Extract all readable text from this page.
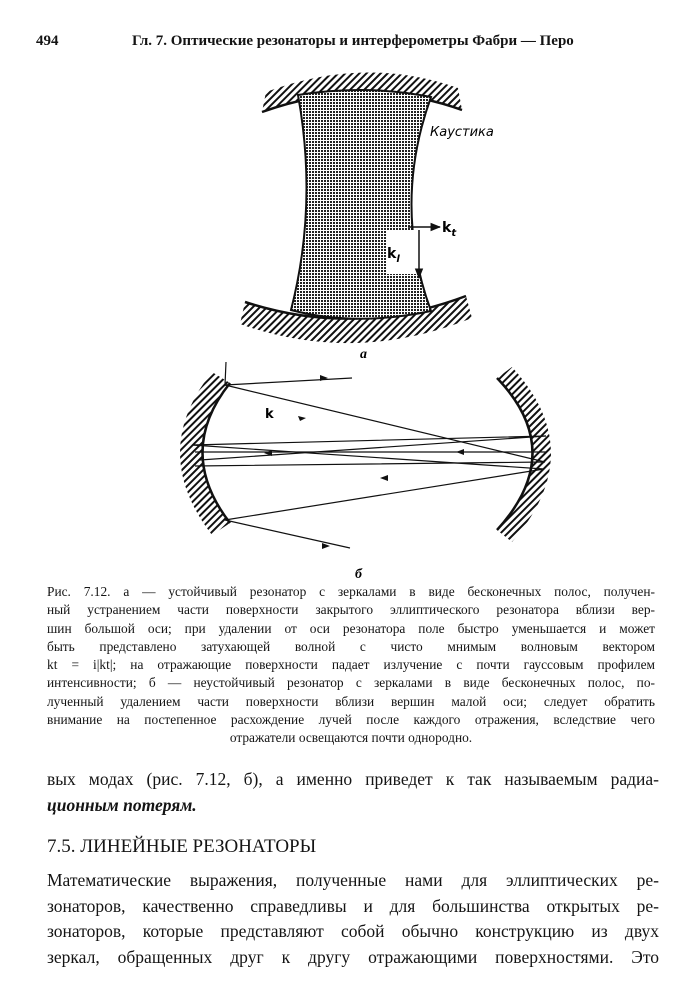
494	Гл. 7. Оптические резонаторы и интерферометры Фабри — Перо
Каустика
$k_t$
$k_l$
а
k
б
Рис. 7.12. а — устойчивый резонатор с зеркалами в виде бесконечных полос, получен-
ный устранением части поверхности закрытого эллиптического резонатора вблизи вер-
шин большой оси; при удалении от оси резонатора поле быстро уменьшается и может
быть представлено затухающей волной с чисто мнимым волновым вектором
kt = i|kt|; на отражающие поверхности падает излучение с почти гауссовым профилем
интенсивности; б — неустойчивый резонатор с зеркалами в виде бесконечных полос, по-
лученный удалением части поверхности вблизи вершин малой оси; следует обратить
внимание на постепенное расхождение лучей после каждого отражения, вследствие чего
отражатели освещаются почти однородно.
вых модах (рис. 7.12, б), а именно приведет к так называемым радиа-
ционным потерям.
7.5. ЛИНЕЙНЫЕ РЕЗОНАТОРЫ
Математические выражения, полученные нами для эллиптических ре-
зонаторов, качественно справедливы и для большинства открытых ре-
зонаторов, которые представляют собой обычно конструкцию из двух
зеркал, обращенных друг к другу отражающими поверхностями. Это
